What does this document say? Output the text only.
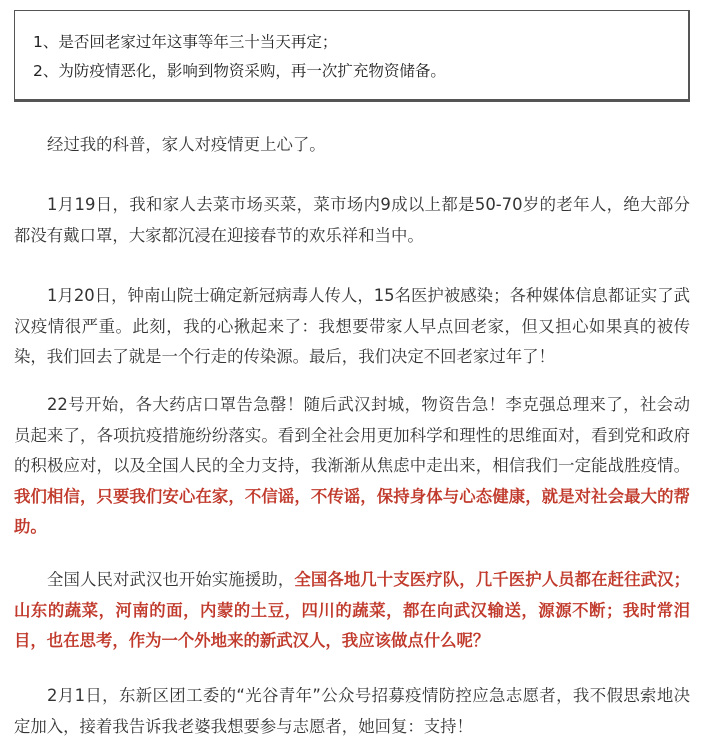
1、是否回老家过年这事等年三十当天再定；
2、为防疫情恶化，影响到物资采购，再一次扩充物资储备。

经过我的科普，家人对疫情更上心了。

1月19日，我和家人去菜市场买菜，菜市场内9成以上都是50-70岁的老年人，绝大部分都没有戴口罩，大家都沉浸在迎接春节的欢乐祥和当中。

1月20日，钟南山院士确定新冠病毒人传人，15名医护被感染；各种媒体信息都证实了武汉疫情很严重。此刻，我的心揪起来了：我想要带家人早点回老家，但又担心如果真的被传染，我们回去了就是一个行走的传染源。最后，我们决定不回老家过年了！

22号开始，各大药店口罩告急罄！随后武汉封城，物资告急！李克强总理来了，社会动员起来了，各项抗疫措施纷纷落实。看到全社会用更加科学和理性的思维面对，看到党和政府的积极应对，以及全国人民的全力支持，我渐渐从焦虑中走出来，相信我们一定能战胜疫情。我们相信，只要我们安心在家，不信谣，不传谣，保持身体与心态健康，就是对社会最大的帮助。

全国人民对武汉也开始实施援助，全国各地几十支医疗队，几千医护人员都在赶往武汉；山东的蔬菜，河南的面，内蒙的土豆，四川的蔬菜，都在向武汉输送，源源不断；我时常泪目，也在思考，作为一个外地来的新武汉人，我应该做点什么呢？

2月1日，东新区团工委的“光谷青年”公众号招募疫情防控应急志愿者，我不假思索地决定加入，接着我告诉我老婆我想要参与志愿者，她回复：支持！
